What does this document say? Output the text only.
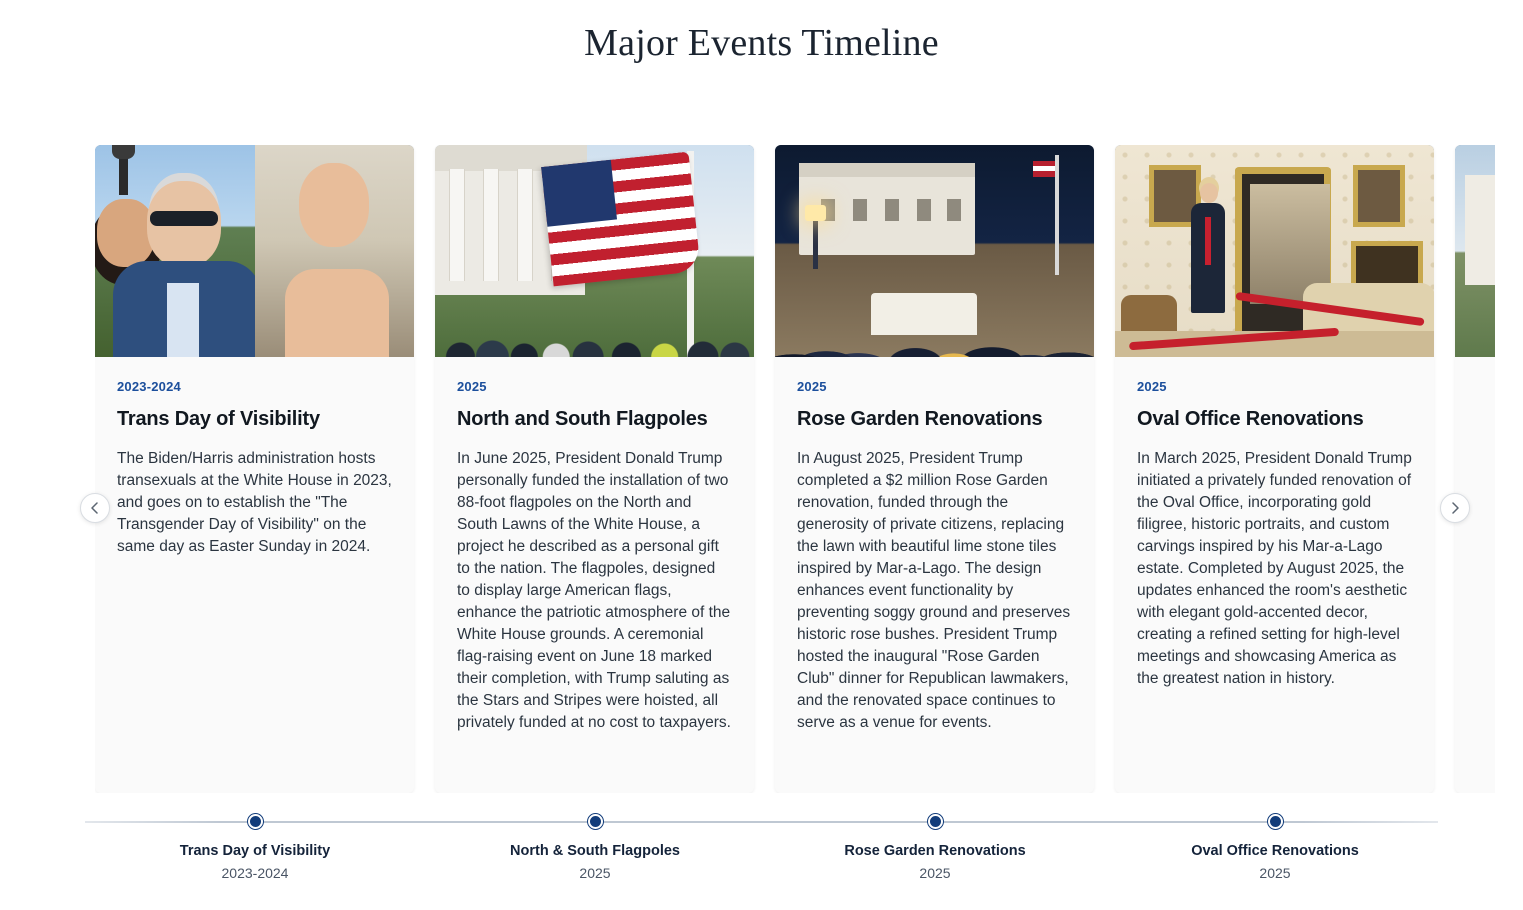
Major Events Timeline
2023-2024
Trans Day of Visibility

The Biden/Harris administration hosts transexuals at the White House in 2023, and goes on to establish the "The Transgender Day of Visibility" on the same day as Easter Sunday in 2024.

2025
North and South Flagpoles

In June 2025, President Donald Trump personally funded the installation of two 88-foot flagpoles on the North and South Lawns of the White House, a project he described as a personal gift to the nation. The flagpoles, designed to display large American flags, enhance the patriotic atmosphere of the White House grounds. A ceremonial flag-raising event on June 18 marked their completion, with Trump saluting as the Stars and Stripes were hoisted, all privately funded at no cost to taxpayers.

2025
Rose Garden Renovations

In August 2025, President Trump completed a $2 million Rose Garden renovation, funded through the generosity of private citizens, replacing the lawn with beautiful lime stone tiles inspired by Mar-a-Lago. The design enhances event functionality by preventing soggy ground and preserves historic rose bushes. President Trump hosted the inaugural "Rose Garden Club" dinner for Republican lawmakers, and the renovated space continues to serve as a venue for events.

2025
Oval Office Renovations

In March 2025, President Donald Trump initiated a privately funded renovation of the Oval Office, incorporating gold filigree, historic portraits, and custom carvings inspired by his Mar-a-Lago estate. Completed by August 2025, the updates enhanced the room's aesthetic with elegant gold-accented decor, creating a refined setting for high-level meetings and showcasing America as the greatest nation in history.

Trans Day of Visibility
2023-2024
North & South Flagpoles
2025
Rose Garden Renovations
2025
Oval Office Renovations
2025
